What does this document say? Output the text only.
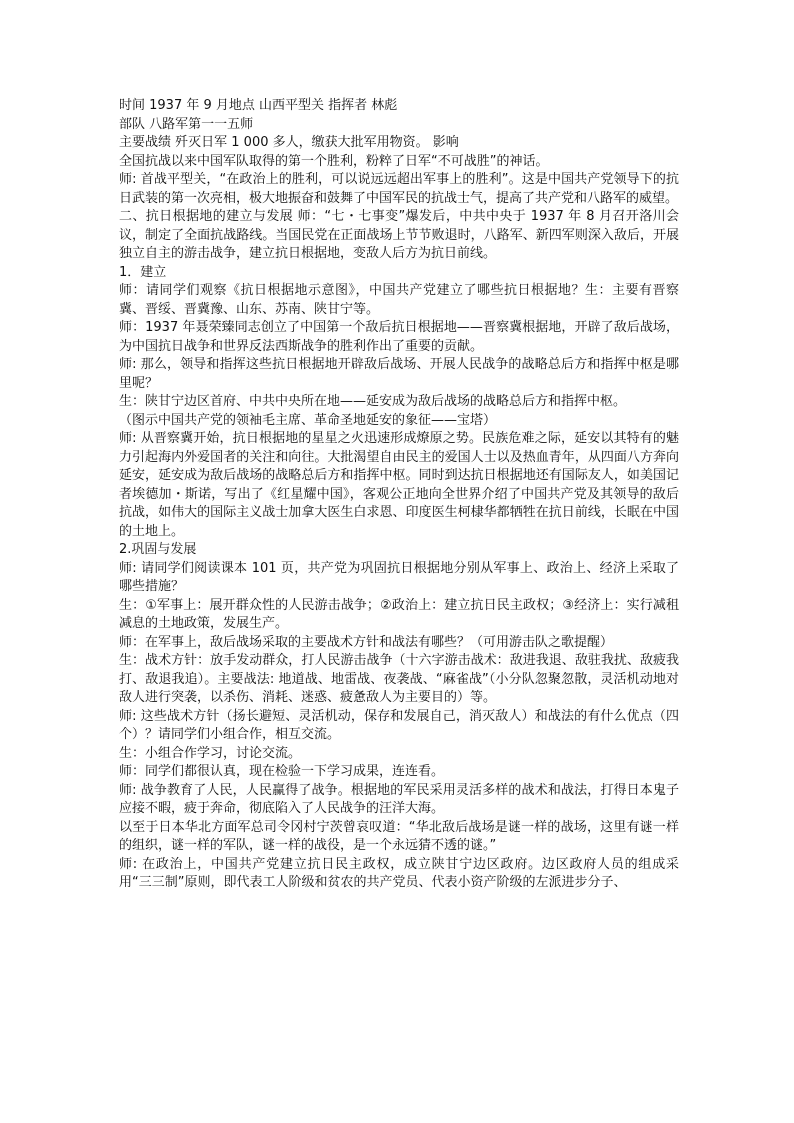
时间 1937 年 9 月地点 山西平型关 指挥者 林彪

部队 八路军第一一五师

主要战绩 歼灭日军 1 000 多人，缴获大批军用物资。 影响

全国抗战以来中国军队取得的第一个胜利，粉粹了日军“不可战胜”的神话。

师: 首战平型关，“在政治上的胜利，可以说远远超出军事上的胜利”。这是中国共产党领导下的抗日武装的第一次亮相，极大地振奋和鼓舞了中国军民的抗战士气，提高了共产党和八路军的威望。

二、抗日根据地的建立与发展 师：“七・七事变”爆发后，中共中央于 1937 年 8 月召开洛川会议，制定了全面抗战路线。当国民党在正面战场上节节败退时，八路军、新四军则深入敌后，开展独立自主的游击战争，建立抗日根据地，变敌人后方为抗日前线。

1．建立

师：请同学们观察《抗日根据地示意图》，中国共产党建立了哪些抗日根据地？生：主要有晋察冀、晋绥、晋冀豫、山东、苏南、陕甘宁等。

师：1937 年聂荣臻同志创立了中国第一个敌后抗日根据地——晋察冀根据地，开辟了敌后战场，为中国抗日战争和世界反法西斯战争的胜利作出了重要的贡献。

师: 那么，领导和指挥这些抗日根据地开辟敌后战场、开展人民战争的战略总后方和指挥中枢是哪里呢？

生：陕甘宁边区首府、中共中央所在地——延安成为敌后战场的战略总后方和指挥中枢。

（图示中国共产党的领袖毛主席、革命圣地延安的象征——宝塔）

师: 从晋察冀开始，抗日根据地的星星之火迅速形成燎原之势。民族危难之际，延安以其特有的魅力引起海内外爱国者的关注和向往。大批渴望自由民主的爱国人士以及热血青年，从四面八方奔向延安，延安成为敌后战场的战略总后方和指挥中枢。同时到达抗日根据地还有国际友人，如美国记者埃德加・斯诺，写出了《红星耀中国》，客观公正地向全世界介绍了中国共产党及其领导的敌后抗战，如伟大的国际主义战士加拿大医生白求恩、印度医生柯棣华都牺牲在抗日前线，长眠在中国的土地上。

2.巩固与发展

师: 请同学们阅读课本 101 页，共产党为巩固抗日根据地分别从军事上、政治上、经济上采取了哪些措施？

生：①军事上：展开群众性的人民游击战争；②政治上：建立抗日民主政权；③经济上：实行减租减息的土地政策，发展生产。

师：在军事上，敌后战场采取的主要战术方针和战法有哪些？（可用游击队之歌提醒）

生：战术方针：放手发动群众，打人民游击战争（十六字游击战术：敌进我退、敌驻我扰、敌疲我打、敌退我追）。主要战法: 地道战、地雷战、夜袭战、“麻雀战”（小分队忽聚忽散，灵活机动地对敌人进行突袭，以杀伤、消耗、迷惑、疲惫敌人为主要目的）等。

师: 这些战术方针（扬长避短、灵活机动，保存和发展自己，消灭敌人）和战法的有什么优点（四个）？请同学们小组合作，相互交流。

生：小组合作学习，讨论交流。

师：同学们都很认真，现在检验一下学习成果，连连看。

师: 战争教育了人民，人民赢得了战争。根据地的军民采用灵活多样的战术和战法，打得日本鬼子应接不暇，疲于奔命，彻底陷入了人民战争的汪洋大海。

以至于日本华北方面军总司令冈村宁茨曾哀叹道：“华北敌后战场是谜一样的战场，这里有谜一样的组织，谜一样的军队，谜一样的战役，是一个永远猜不透的谜。”

师: 在政治上，中国共产党建立抗日民主政权，成立陕甘宁边区政府。边区政府人员的组成采用“三三制”原则，即代表工人阶级和贫农的共产党员、代表小资产阶级的左派进步分子、
